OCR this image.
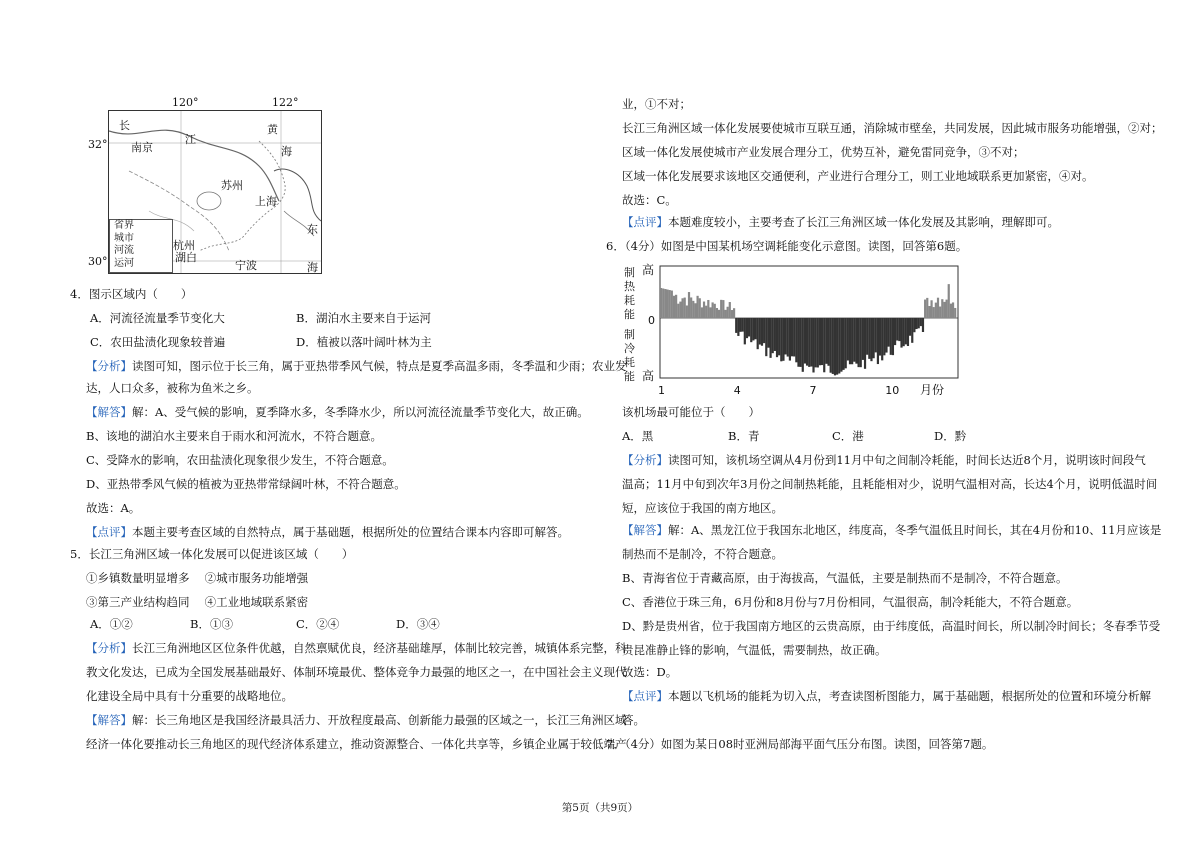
120°	122°
32°
30°
长
江
黄
海
南京
苏州
上海
东
杭州
湖白
宁波	海
省界
城市
河流
运河
4．图示区域内（　　）
A．河流径流量季节变化大	B．湖泊水主要来自于运河
C．农田盐渍化现象较普遍	D．植被以落叶阔叶林为主
【分析】读图可知，图示位于长三角，属于亚热带季风气候，特点是夏季高温多雨，冬季温和少雨；农业发
达，人口众多，被称为鱼米之乡。
【解答】解：A、受气候的影响，夏季降水多，冬季降水少，所以河流径流量季节变化大，故正确。
B、该地的湖泊水主要来自于雨水和河流水，不符合题意。
C、受降水的影响，农田盐渍化现象很少发生，不符合题意。
D、亚热带季风气候的植被为亚热带常绿阔叶林，不符合题意。
故选：A。
【点评】本题主要考查区域的自然特点，属于基础题，根据所处的位置结合课本内容即可解答。
5．长江三角洲区域一体化发展可以促进该区域（　　）
①乡镇数量明显增多　 ②城市服务功能增强
③第三产业结构趋同　 ④工业地域联系紧密
A．①②	B．①③	C．②④	D．③④
【分析】长江三角洲地区区位条件优越，自然禀赋优良，经济基础雄厚，体制比较完善，城镇体系完整，科
教文化发达，已成为全国发展基础最好、体制环境最优、整体竞争力最强的地区之一，在中国社会主义现代
化建设全局中具有十分重要的战略地位。
【解答】解：长三角地区是我国经济最具活力、开放程度最高、创新能力最强的区域之一，长江三角洲区域
经济一体化要推动长三角地区的现代经济体系建立，推动资源整合、一体化共享等，乡镇企业属于较低端产
业，①不对；
长江三角洲区域一体化发展要使城市互联互通，消除城市壁垒，共同发展，因此城市服务功能增强，②对；
区域一体化发展使城市产业发展合理分工，优势互补，避免雷同竞争，③不对；
区域一体化发展要求该地区交通便利，产业进行合理分工，则工业地域联系更加紧密，④对。
故选：C。
【点评】本题难度较小，主要考查了长江三角洲区域一体化发展及其影响，理解即可。
6．（4分）如图是中国某机场空调耗能变化示意图。读图，回答第6题。
制
热
耗
能
制
冷
耗
能
高
0
高
1	4	7	10 月份
该机场最可能位于（　　）
A．黑	B．青	C．港	D．黔
【分析】读图可知，该机场空调从4月份到11月中旬之间制冷耗能，时间长达近8个月，说明该时间段气
温高；11月中旬到次年3月份之间制热耗能，且耗能相对少，说明气温相对高，长达4个月，说明低温时间
短，应该位于我国的南方地区。
【解答】解：A、黑龙江位于我国东北地区，纬度高，冬季气温低且时间长，其在4月份和10、11月应该是
制热而不是制冷，不符合题意。
B、青海省位于青藏高原，由于海拔高，气温低，主要是制热而不是制冷，不符合题意。
C、香港位于珠三角，6月份和8月份与7月份相同，气温很高，制冷耗能大，不符合题意。
D、黔是贵州省，位于我国南方地区的云贵高原，由于纬度低，高温时间长，所以制冷时间长；冬春季节受
贵昆准静止锋的影响，气温低，需要制热，故正确。
故选：D。
【点评】本题以飞机场的能耗为切入点，考查读图析图能力，属于基础题，根据所处的位置和环境分析解
答。
7．（4分）如图为某日08时亚洲局部海平面气压分布图。读图，回答第7题。
第5页（共9页）
